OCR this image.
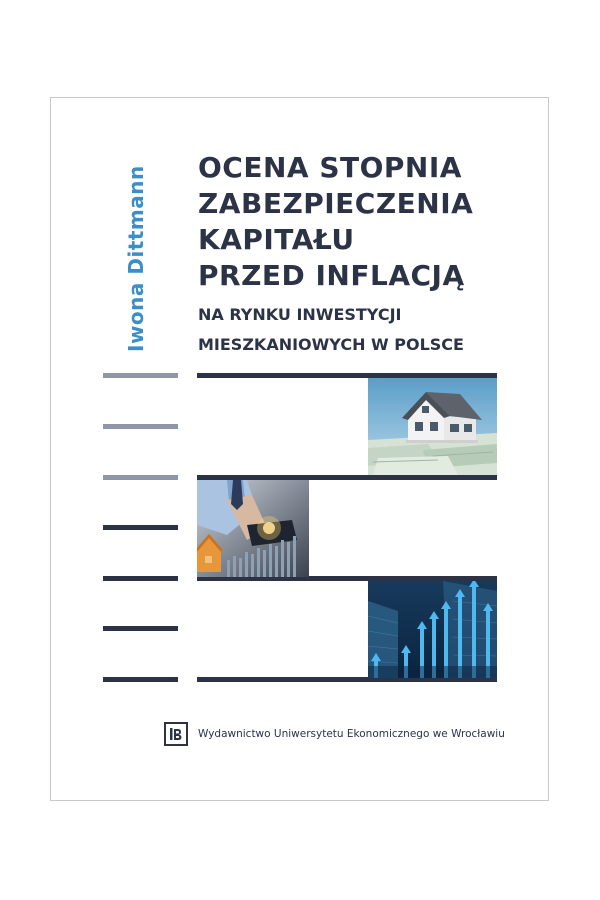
Iwona Dittmann OCENA STOPNIA
ZABEZPIECZENIA
KAPITAŁU
PRZED INFLACJĄ
NA RYNKU INWESTYCJI
MIESZKANIOWYCH W POLSCE
Wydawnictwo Uniwersytetu Ekonomicznego we Wrocławiu
